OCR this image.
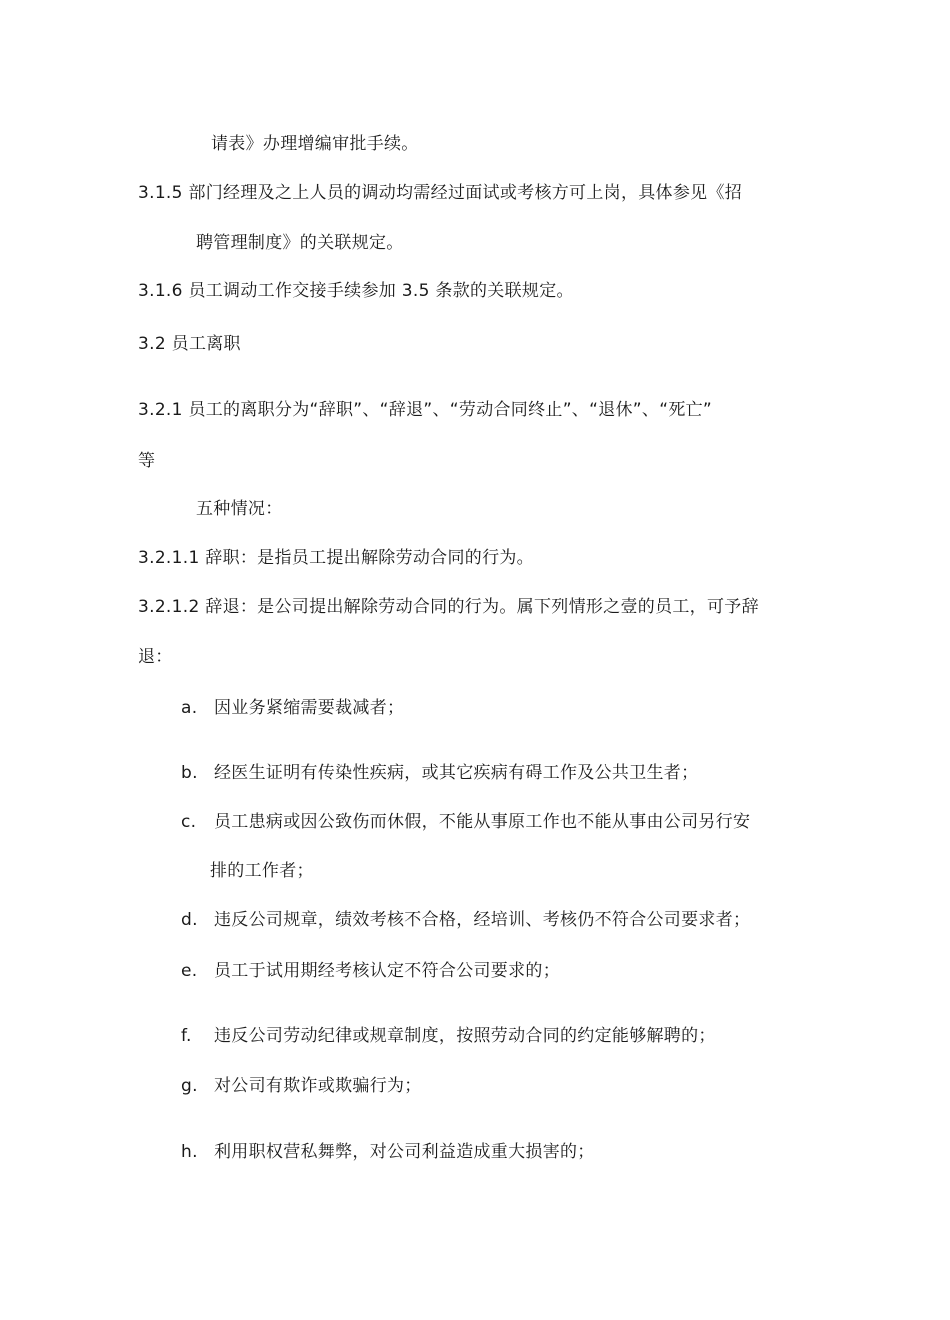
请表》办理增编审批手续。
3.1.5 部门经理及之上人员的调动均需经过面试或考核方可上岗，具体参见《招
聘管理制度》的关联规定。
3.1.6 员工调动工作交接手续参加 3.5 条款的关联规定。
3.2 员工离职
3.2.1 员工的离职分为“辞职”、“辞退”、“劳动合同终止”、“退休”、“死亡”
等
五种情况：
3.2.1.1 辞职：是指员工提出解除劳动合同的行为。
3.2.1.2 辞退：是公司提出解除劳动合同的行为。属下列情形之壹的员工，可予辞
退：
a. 因业务紧缩需要裁减者；
b. 经医生证明有传染性疾病，或其它疾病有碍工作及公共卫生者；
c. 员工患病或因公致伤而休假，不能从事原工作也不能从事由公司另行安
排的工作者；
d. 违反公司规章，绩效考核不合格，经培训、考核仍不符合公司要求者；
e. 员工于试用期经考核认定不符合公司要求的；
f. 违反公司劳动纪律或规章制度，按照劳动合同的约定能够解聘的；
g. 对公司有欺诈或欺骗行为；
h. 利用职权营私舞弊，对公司利益造成重大损害的；
